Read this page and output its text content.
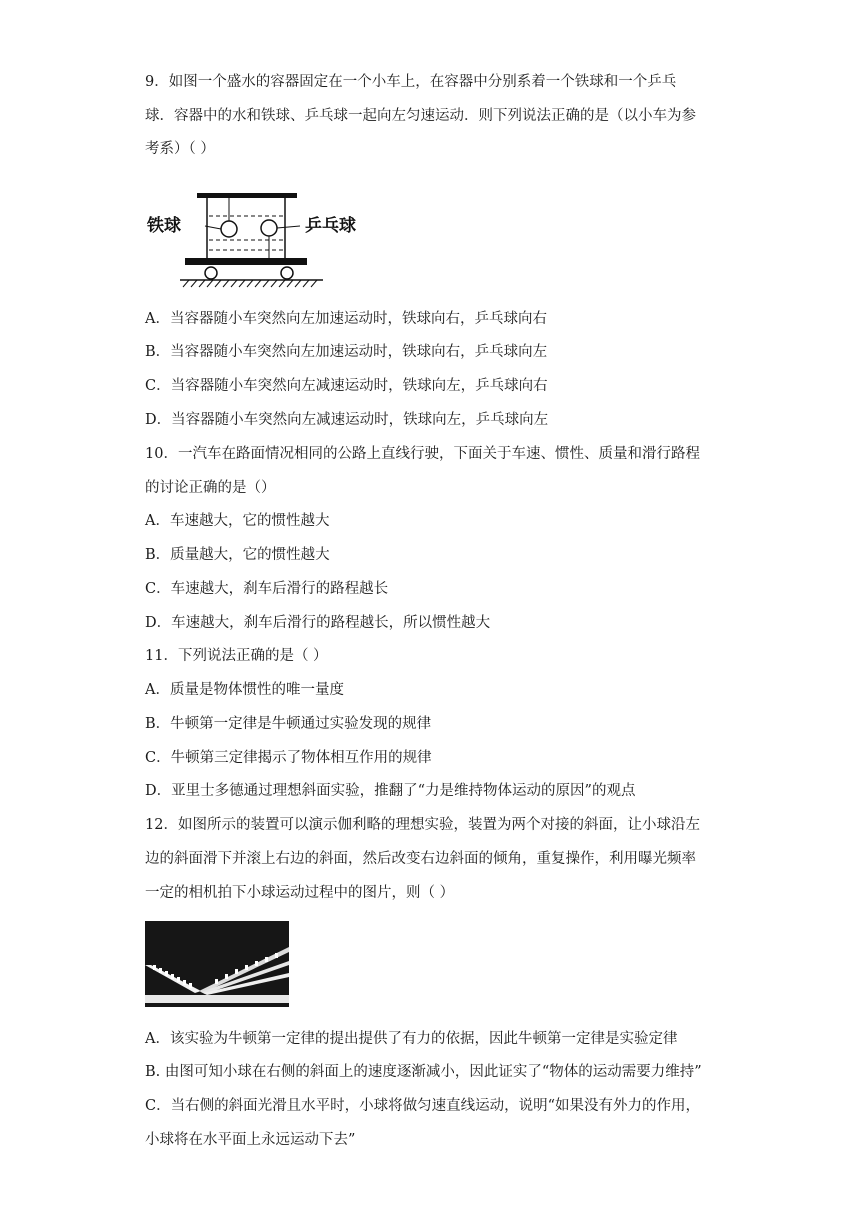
9．如图一个盛水的容器固定在一个小车上，在容器中分别系着一个铁球和一个乒乓
球．容器中的水和铁球、乒乓球一起向左匀速运动．则下列说法正确的是（以小车为参
考系）（ ）
铁球	乒乓球
A．当容器随小车突然向左加速运动时，铁球向右，乒乓球向右
B．当容器随小车突然向左加速运动时，铁球向右，乒乓球向左
C．当容器随小车突然向左减速运动时，铁球向左，乒乓球向右
D．当容器随小车突然向左减速运动时，铁球向左，乒乓球向左
10．一汽车在路面情况相同的公路上直线行驶，下面关于车速、惯性、质量和滑行路程
的讨论正确的是（）
A．车速越大，它的惯性越大
B．质量越大，它的惯性越大
C．车速越大，刹车后滑行的路程越长
D．车速越大，刹车后滑行的路程越长，所以惯性越大
11．下列说法正确的是（ ）
A．质量是物体惯性的唯一量度
B．牛顿第一定律是牛顿通过实验发现的规律
C．牛顿第三定律揭示了物体相互作用的规律
D．亚里士多德通过理想斜面实验，推翻了“力是维持物体运动的原因”的观点
12．如图所示的装置可以演示伽利略的理想实验，装置为两个对接的斜面，让小球沿左
边的斜面滑下并滚上右边的斜面，然后改变右边斜面的倾角，重复操作，利用曝光频率
一定的相机拍下小球运动过程中的图片，则（ ）
A．该实验为牛顿第一定律的提出提供了有力的依据，因此牛顿第一定律是实验定律
B. 由图可知小球在右侧的斜面上的速度逐渐减小，因此证实了“物体的运动需要力维持”
C．当右侧的斜面光滑且水平时，小球将做匀速直线运动，说明“如果没有外力的作用，
小球将在水平面上永远运动下去”
